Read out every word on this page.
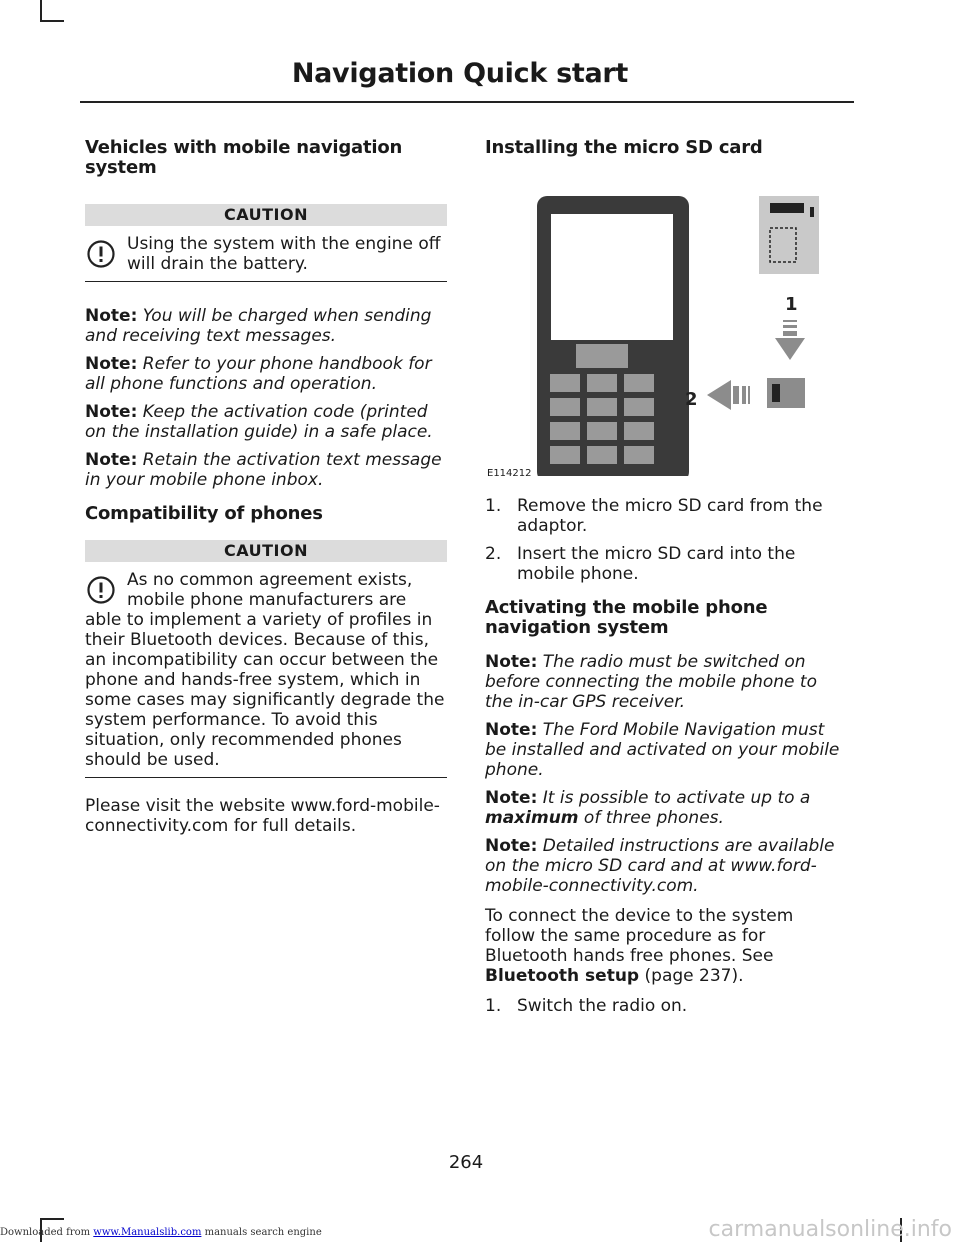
Navigation Quick start
Vehicles with mobile navigation system
CAUTION

Using the system with the engine off will drain the battery.

Note: You will be charged when sending and receiving text messages.

Note: Refer to your phone handbook for all phone functions and operation.

Note: Keep the activation code (printed on the installation guide) in a safe place.

Note: Retain the activation text message in your mobile phone inbox.

Compatibility of phones
CAUTION

As no common agreement exists, mobile phone manufacturers are able to implement a variety of profiles in their Bluetooth devices. Because of this, an incompatibility can occur between the phone and hands-free system, which in some cases may significantly degrade the system performance. To avoid this situation, only recommended phones should be used.

Please visit the website www.ford-mobile-connectivity.com for full details.

Installing the micro SD card
1
2
E114212
1. Remove the micro SD card from the adaptor.
2. Insert the micro SD card into the mobile phone.
Activating the mobile phone navigation system

Note: The radio must be switched on before connecting the mobile phone to the in-car GPS receiver.

Note: The Ford Mobile Navigation must be installed and activated on your mobile phone.

Note: It is possible to activate up to a maximum of three phones.

Note: Detailed instructions are available on the micro SD card and at www.ford-mobile-connectivity.com.

To connect the device to the system follow the same procedure as for Bluetooth hands free phones. See Bluetooth setup (page 237).

1. Switch the radio on.
264
Downloaded from www.Manualslib.com manuals search engine	carmanualsonline.info
